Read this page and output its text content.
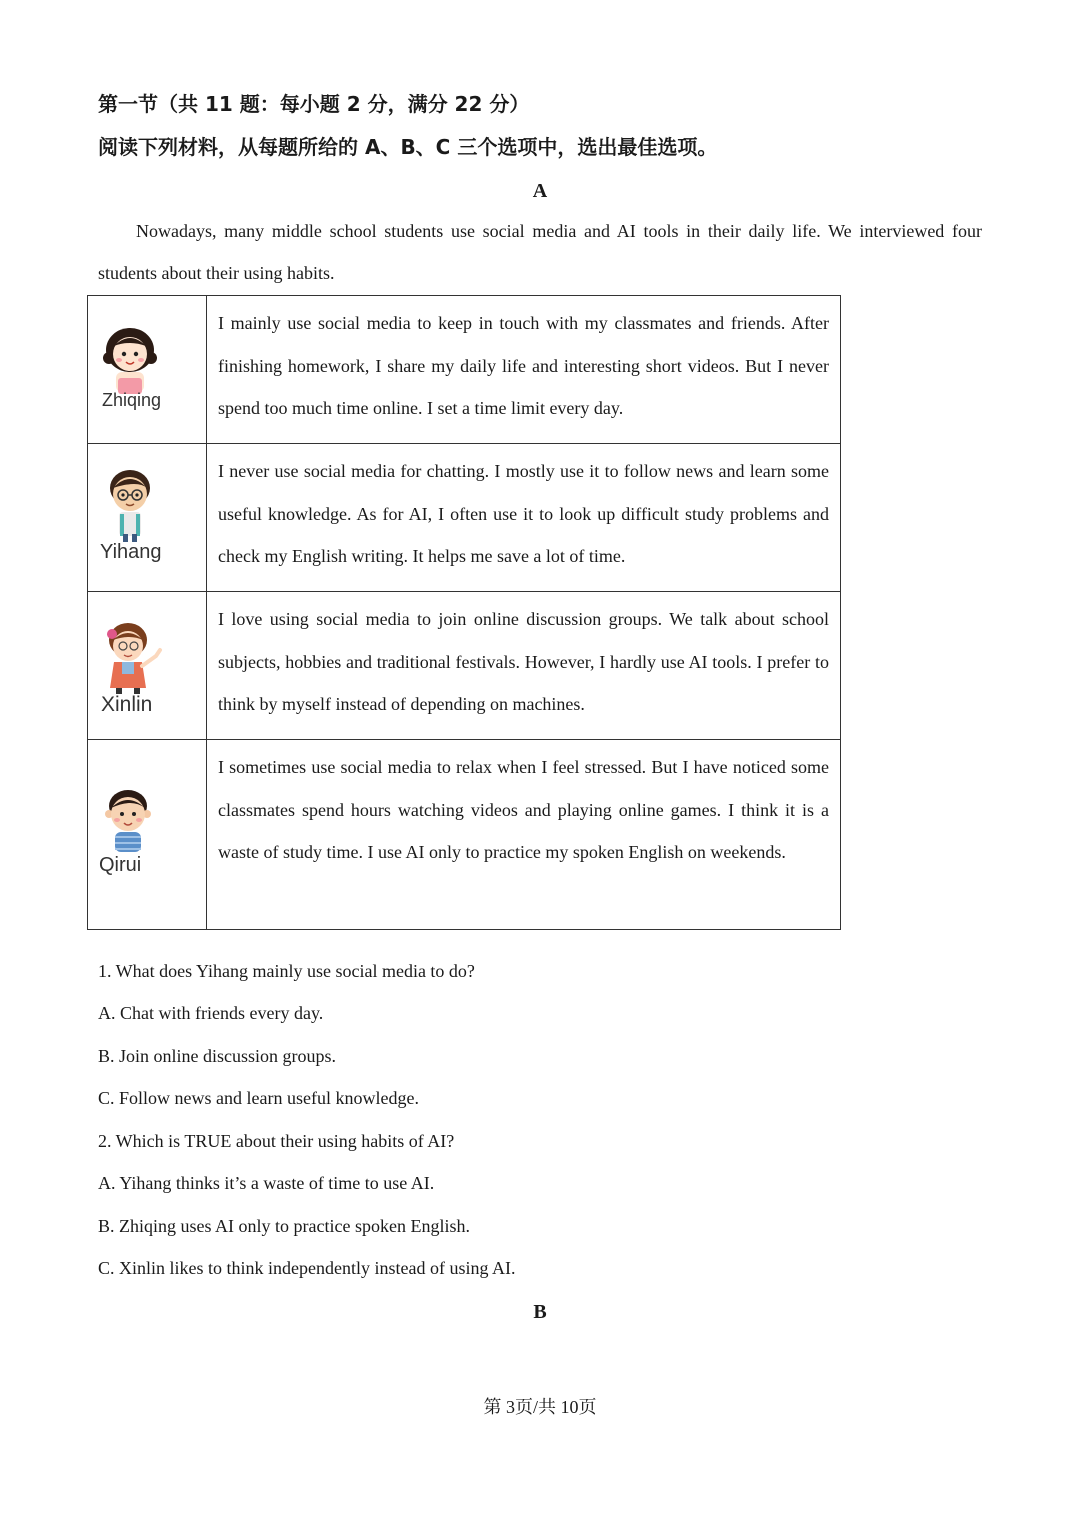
第一节（共 11 题：每小题 2 分，满分 22 分）
阅读下列材料，从每题所给的 A、B、C 三个选项中，选出最佳选项。
A

Nowadays, many middle school students use social media and AI tools in their daily life. We interviewed four students about their using habits.

Zhiqing	I mainly use social media to keep in touch with my classmates and friends. After finishing homework, I share my daily life and interesting short videos. But I never spend too much time online. I set a time limit every day.

Yihang	I never use social media for chatting. I mostly use it to follow news and learn some useful knowledge. As for AI, I often use it to look up difficult study problems and check my English writing. It helps me save a lot of time.

Xinlin	I love using social media to join online discussion groups. We talk about school subjects, hobbies and traditional festivals. However, I hardly use AI tools. I prefer to think by myself instead of depending on machines.

Qirui	I sometimes use social media to relax when I feel stressed. But I have noticed some classmates spend hours watching videos and playing online games. I think it is a waste of study time. I use AI only to practice my spoken English on weekends.

1. What does Yihang mainly use social media to do?
A. Chat with friends every day.
B. Join online discussion groups.
C. Follow news and learn useful knowledge.
2. Which is TRUE about their using habits of AI?
A. Yihang thinks it’s a waste of time to use AI.
B. Zhiqing uses AI only to practice spoken English.
C. Xinlin likes to think independently instead of using AI.
B
第 3页/共 10页
